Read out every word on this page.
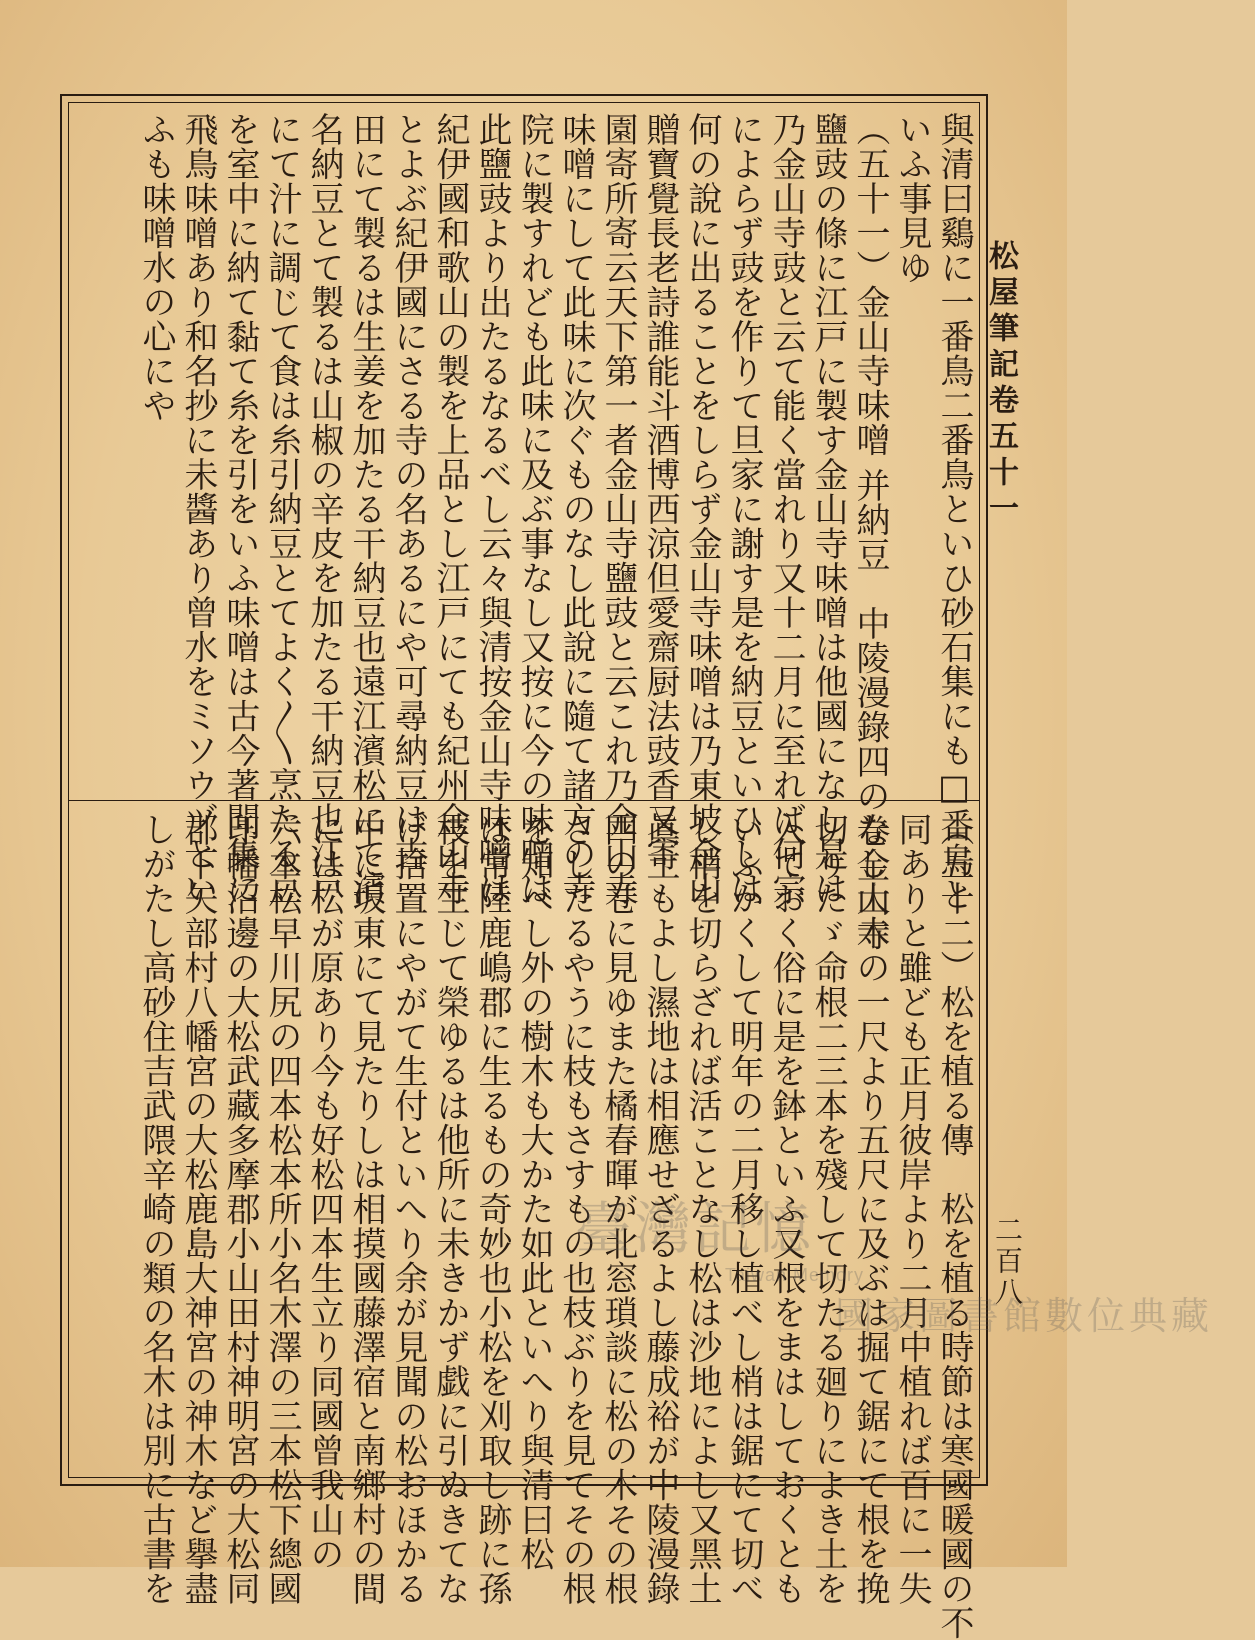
松屋筆記卷五十一
二百八
與清曰鷄に一番鳥二番鳥といひ砂石集にも□番鳥と
いふ事見ゆ
（五十一）金山寺味噌 并納豆　中陵漫錄四の卷金山寺
鹽豉の條に江戸に製す金山寺味噌は他國になし是は
乃金山寺豉と云て能く當れり又十二月に至れば何宗
によらず豉を作りて旦家に謝す是を納豆といひしは
何の說に出ることをしらず金山寺味噌は乃東坡金山
贈寶覺長老詩誰能斗酒博西涼但愛齋厨法豉香又寄
園寄所寄云天下第一者金山寺鹽豉と云これ乃金山寺
味噌にして此味に次ぐものなし此說に隨て諸方の寺
院に製すれども此味に及ぶ事なし又按に今の味噌は
此鹽豉より出たるなるべし云々與清按金山寺味噌は
紀伊國和歌山の製を上品とし江戸にても紀州金山寺
とよぶ紀伊國にさる寺の名あるにや可尋納豆は吉
田にて製るは生姜を加たる干納豆也遠江濱松にて濱
名納豆とて製るは山椒の辛皮を加たる干納豆也江戸
にて汁に調じて食は糸引納豆とてよく〳〵烹たる豆
を室中に納て黏て糸を引をいふ味噌は古今著聞集に
飛鳥味噌あり和名抄に未醬あり曾水をミソウヅとい
ふも味噌水の心にや
（五十二）松を植る傳　松を植る時節は寒國暖國の不
同ありと雖ども正月彼岸より二月中植れば百に一失
なし大木の一尺より五尺に及ぶは掘て鋸にて根を挽
切りたゞ命根二三本を殘して切たる廻りによき土を
入ておく俗に是を鉢といふ又根をまはしておくとも
いふかくして明年の二月移し植べし梢は鋸にて切べ
し梢を切らざれば活ことなし松は沙地によし又黑土
眞土もよし濕地は相應せざるよし藤成裕が中陵漫錄
四の卷に見ゆまた橘春暉が北窓瑣談に松の木その根
さしたるやうに枝もさすもの也枝ぶりを見てその根
を知べし外の樹木も大かた如此といへり與清曰松
は常陸鹿嶋郡に生るもの奇妙也小松を刈取し跡に孫
枝を生じて榮ゆるは他所に未きかず戯に引ぬきてな
げ捨置にやがて生付といへり余が見聞の松おほかる
中に坂東にて見たりしは相摸國藤澤宿と南鄉村の間
には松が原あり今も好松四本生立り同國曾我山の
六本松早川尻の四本松本所小名木澤の三本松下總國
印幡沼邊の大松武藏多摩郡小山田村神明宮の大松同
郡下矢部村八幡宮の大松鹿島大神宮の神木など擧盡
しがたし高砂住吉武隈辛崎の類の名木は別に古書を	臺灣記憶
Taiwan Memory
國家圖書館數位典藏
